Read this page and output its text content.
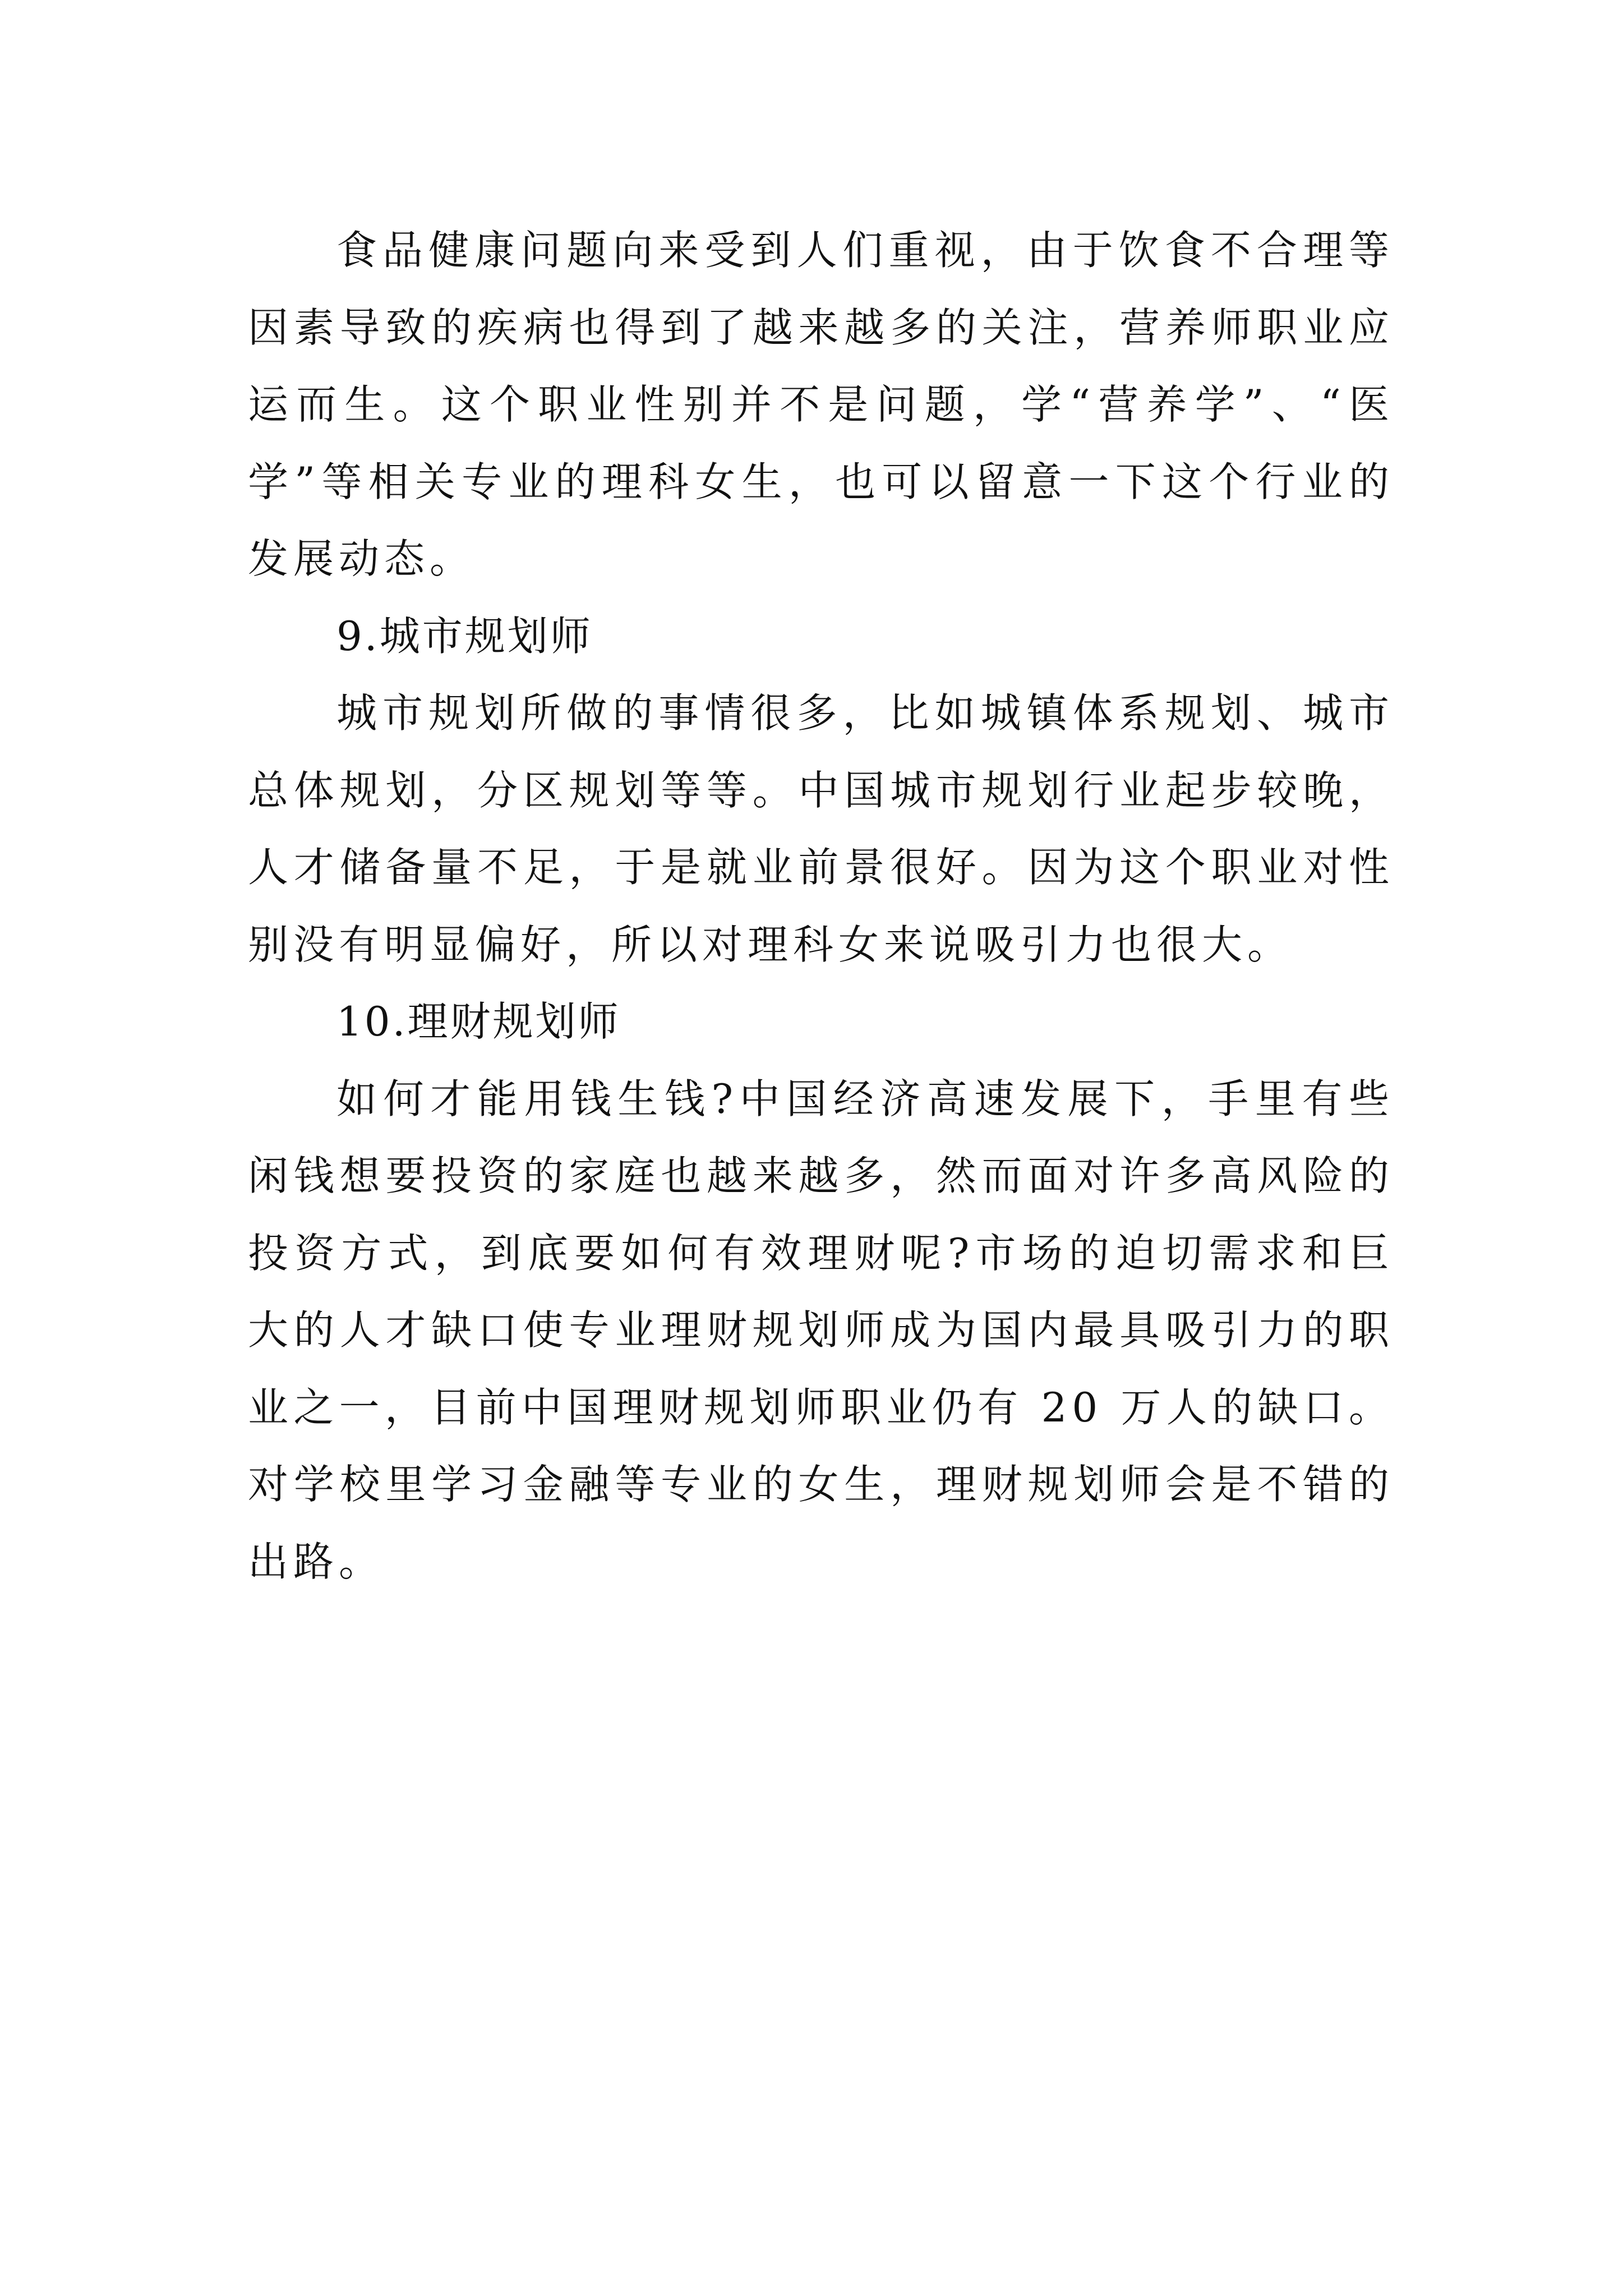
食品健康问题向来受到人们重视，由于饮食不合理等因素导致的疾病也得到了越来越多的关注，营养师职业应运而生。这个职业性别并不是问题，学“营养学”、“医学”等相关专业的理科女生，也可以留意一下这个行业的发展动态。

9.城市规划师

城市规划所做的事情很多，比如城镇体系规划、城市总体规划，分区规划等等。中国城市规划行业起步较晚，人才储备量不足，于是就业前景很好。因为这个职业对性别没有明显偏好，所以对理科女来说吸引力也很大。

10.理财规划师

如何才能用钱生钱?中国经济高速发展下，手里有些闲钱想要投资的家庭也越来越多，然而面对许多高风险的投资方式，到底要如何有效理财呢?市场的迫切需求和巨大的人才缺口使专业理财规划师成为国内最具吸引力的职业之一，目前中国理财规划师职业仍有 20 万人的缺口。对学校里学习金融等专业的女生，理财规划师会是不错的出路。
